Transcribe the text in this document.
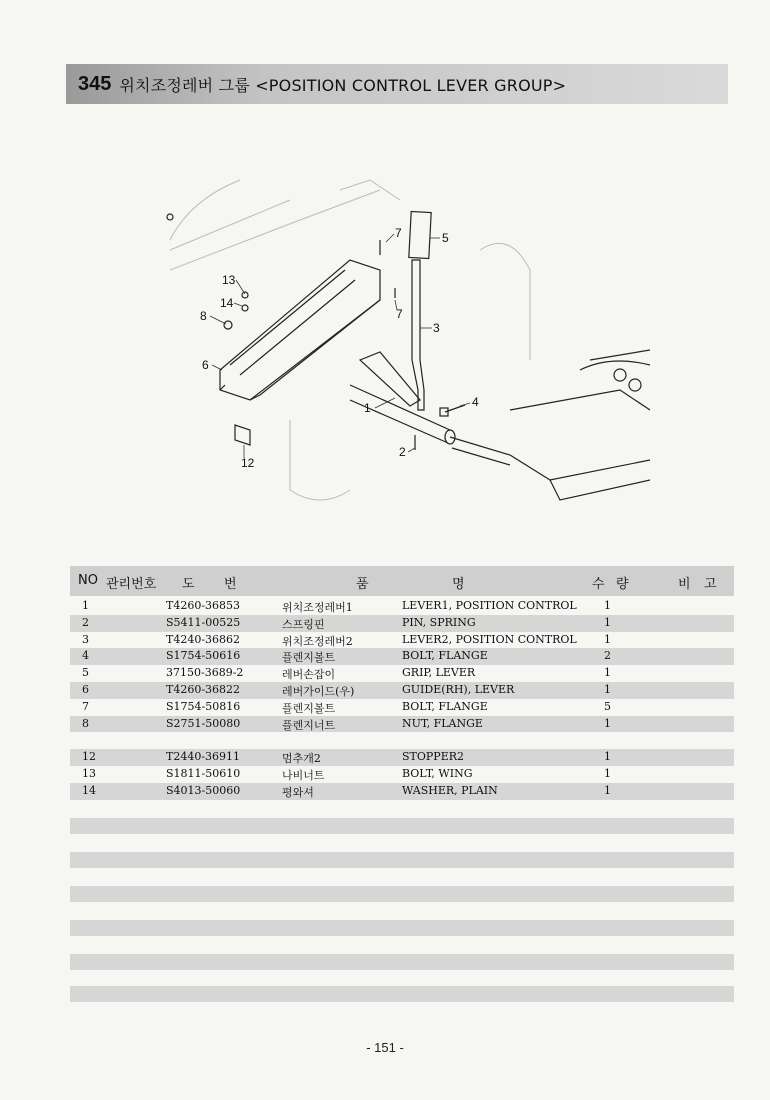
345 위치조정레버 그룹 <POSITION CONTROL LEVER GROUP>
5
7
13
14
8	7
3
6
4
1
2
12
NO 관리번호 도 번	품	명	수 량	비 고
1	T4260-36853	위치조정레버1	LEVER1, POSITION CONTROL 1
2	S5411-00525	스프링핀	PIN, SPRING	1
3	T4240-36862	위치조정레버2	LEVER2, POSITION CONTROL 1
4	S1754-50616	플렌지볼트	BOLT, FLANGE	2
5	37150-3689-2	레버손잡이	GRIP, LEVER	1
6	T4260-36822	레버가이드(우)	GUIDE(RH), LEVER	1
7	S1754-50816	플렌지볼트	BOLT, FLANGE	5
8	S2751-50080	플렌지너트	NUT, FLANGE	1
12	T2440-36911	멈추개2	STOPPER2	1
13	S1811-50610	나비너트	BOLT, WING	1
14	S4013-50060	평와셔	WASHER, PLAIN	1
- 151 -
